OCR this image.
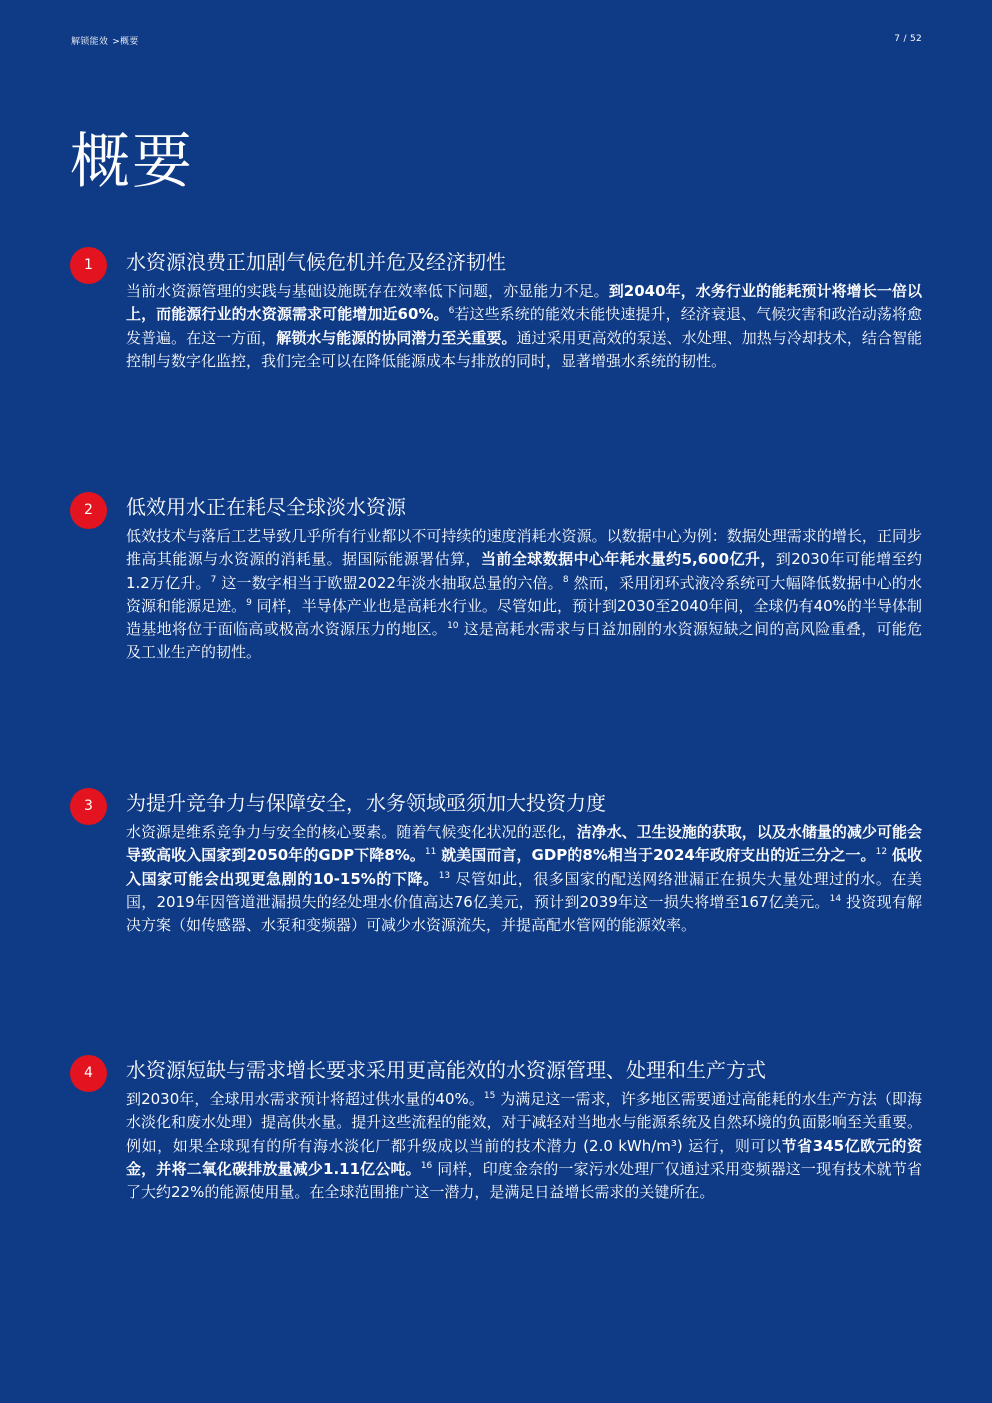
解锁能效 >概要	7 / 52
概要
1	水资源浪费正加剧气候危机并危及经济韧性

当前水资源管理的实践与基础设施既存在效率低下问题，亦显能力不足。到2040年，水务行业的能耗预计将增长一倍以上，而能源行业的水资源需求可能增加近60%。$^6$若这些系统的能效未能快速提升，经济衰退、气候灾害和政治动荡将愈发普遍。在这一方面，解锁水与能源的协同潜力至关重要。通过采用更高效的泵送、水处理、加热与冷却技术，结合智能控制与数字化监控，我们完全可以在降低能源成本与排放的同时，显著增强水系统的韧性。

2	低效用水正在耗尽全球淡水资源

低效技术与落后工艺导致几乎所有行业都以不可持续的速度消耗水资源。以数据中心为例：数据处理需求的增长，正同步推高其能源与水资源的消耗量。据国际能源署估算，当前全球数据中心年耗水量约5,600亿升，到2030年可能增至约1.2万亿升。$^7$ 这一数字相当于欧盟2022年淡水抽取总量的六倍。$^8$ 然而，采用闭环式液冷系统可大幅降低数据中心的水资源和能源足迹。$^9$ 同样，半导体产业也是高耗水行业。尽管如此，预计到2030至2040年间，全球仍有40%的半导体制造基地将位于面临高或极高水资源压力的地区。$^{10}$ 这是高耗水需求与日益加剧的水资源短缺之间的高风险重叠，可能危及工业生产的韧性。

3	为提升竞争力与保障安全，水务领域亟须加大投资力度

水资源是维系竞争力与安全的核心要素。随着气候变化状况的恶化，洁净水、卫生设施的获取，以及水储量的减少可能会导致高收入国家到2050年的GDP下降8%。$^{11}$ 就美国而言，GDP的8%相当于2024年政府支出的近三分之一。$^{12}$ 低收入国家可能会出现更急剧的10-15%的下降。$^{13}$ 尽管如此，很多国家的配送网络泄漏正在损失大量处理过的水。在美国，2019年因管道泄漏损失的经处理水价值高达76亿美元，预计到2039年这一损失将增至167亿美元。$^{14}$ 投资现有解决方案（如传感器、水泵和变频器）可减少水资源流失，并提高配水管网的能源效率。

4	水资源短缺与需求增长要求采用更高能效的水资源管理、处理和生产方式

到2030年，全球用水需求预计将超过供水量的40%。$^{15}$ 为满足这一需求，许多地区需要通过高能耗的水生产方法（即海水淡化和废水处理）提高供水量。提升这些流程的能效，对于减轻对当地水与能源系统及自然环境的负面影响至关重要。例如，如果全球现有的所有海水淡化厂都升级成以当前的技术潜力 (2.0 kWh/m³) 运行，则可以节省345亿欧元的资金，并将二氧化碳排放量减少1.11亿公吨。$^{16}$ 同样，印度金奈的一家污水处理厂仅通过采用变频器这一现有技术就节省了大约22%的能源使用量。在全球范围推广这一潜力，是满足日益增长需求的关键所在。
